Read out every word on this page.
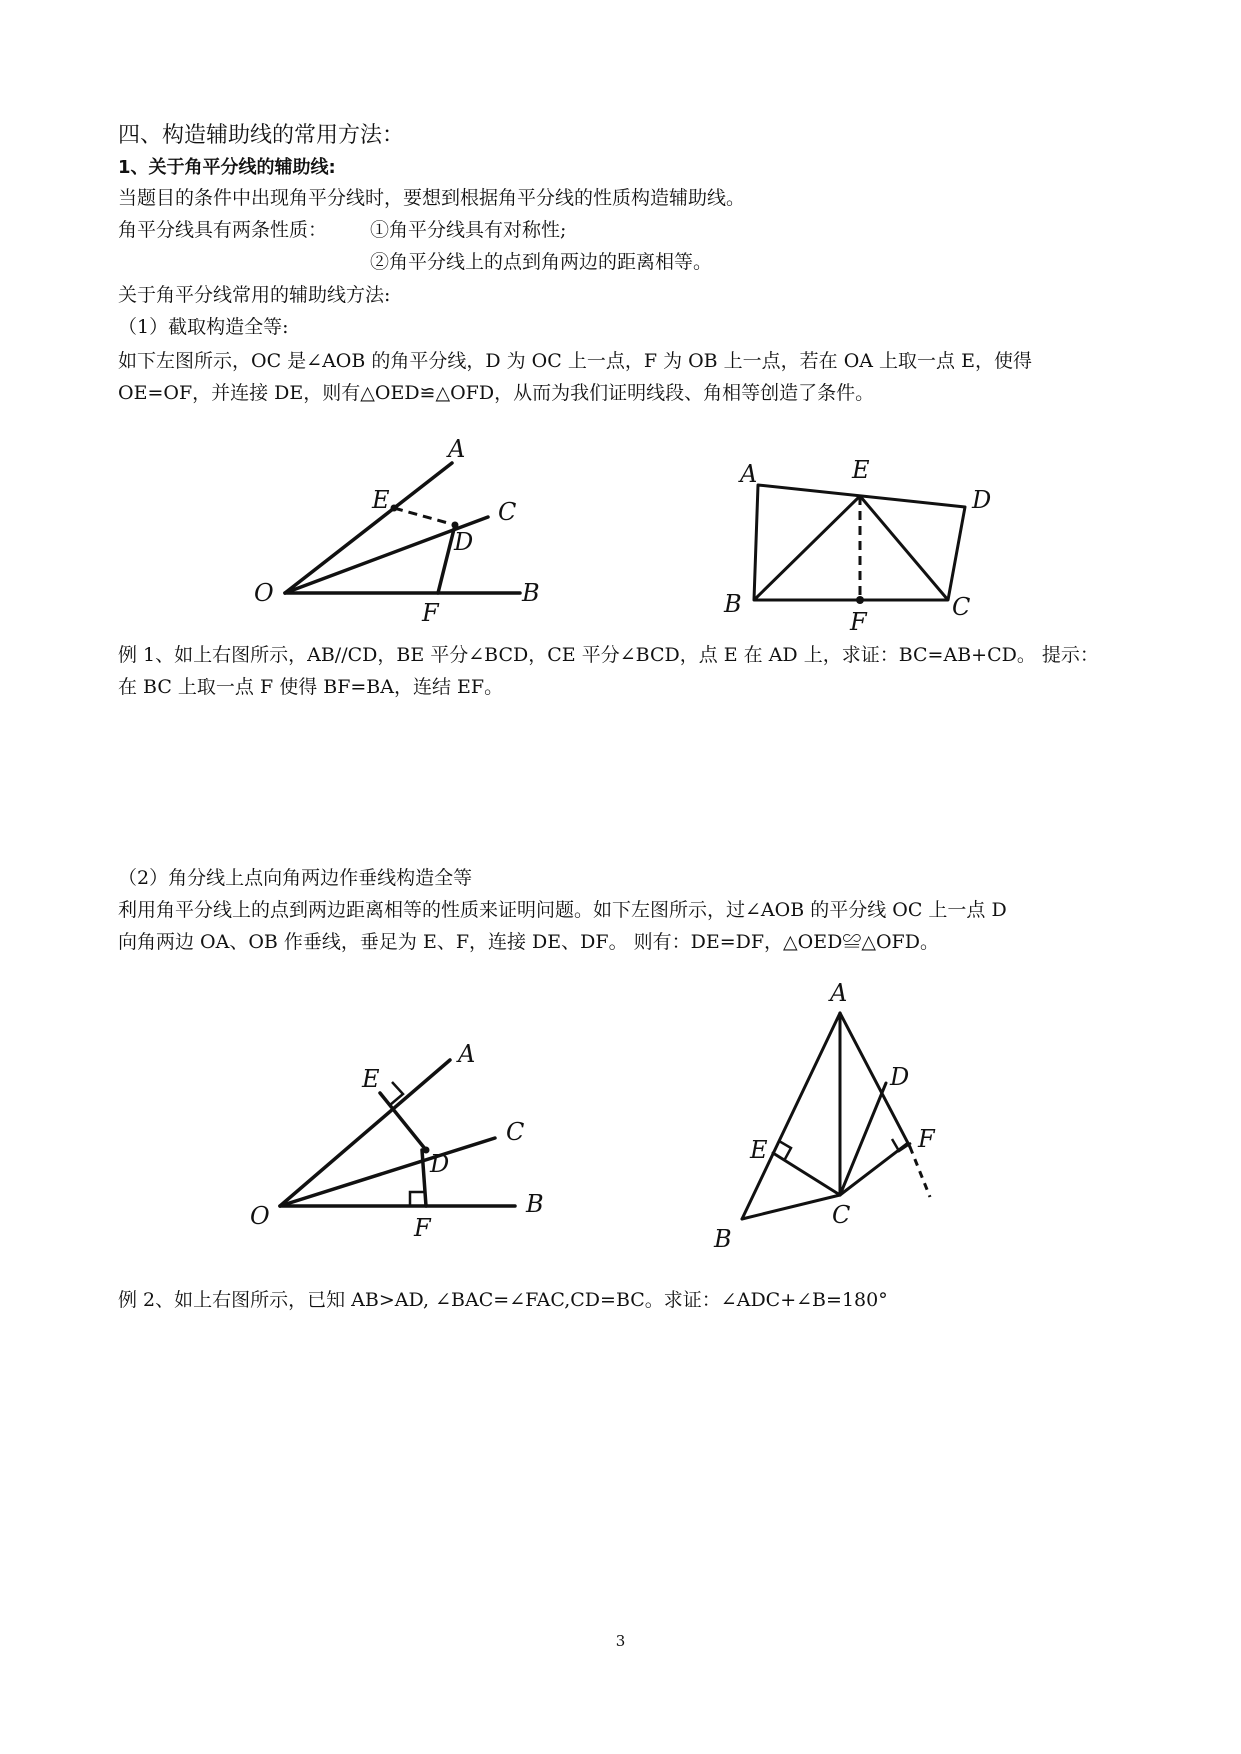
四、构造辅助线的常用方法：
1、关于角平分线的辅助线:
当题目的条件中出现角平分线时，要想到根据角平分线的性质构造辅助线。
角平分线具有两条性质： ①角平分线具有对称性;
②角平分线上的点到角两边的距离相等。
关于角平分线常用的辅助线方法:
（1）截取构造全等:
如下左图所示，OC 是∠AOB 的角平分线，D 为 OC 上一点，F 为 OB 上一点，若在 OA 上取一点 E，使得
OE=OF，并连接 DE，则有△OED≌△OFD，从而为我们证明线段、角相等创造了条件。
A
E	C
D
O
F
B
A	E
D
B
F
C
例 1、如上右图所示，AB//CD，BE 平分∠BCD，CE 平分∠BCD，点 E 在 AD 上，求证：BC=AB+CD。 提示：
在 BC 上取一点 F 使得 BF=BA，连结 EF。
（2）角分线上点向角两边作垂线构造全等
利用角平分线上的点到两边距离相等的性质来证明问题。如下左图所示，过∠AOB 的平分线 OC 上一点 D
向角两边 OA、OB 作垂线，垂足为 E、F，连接 DE、DF。 则有：DE=DF，△OED≌△OFD。
A
E
C
D
O	F
B
A
D
E	F
C
B
例 2、如上右图所示，已知 AB>AD, ∠BAC=∠FAC,CD=BC。求证：∠ADC+∠B=180°
3
